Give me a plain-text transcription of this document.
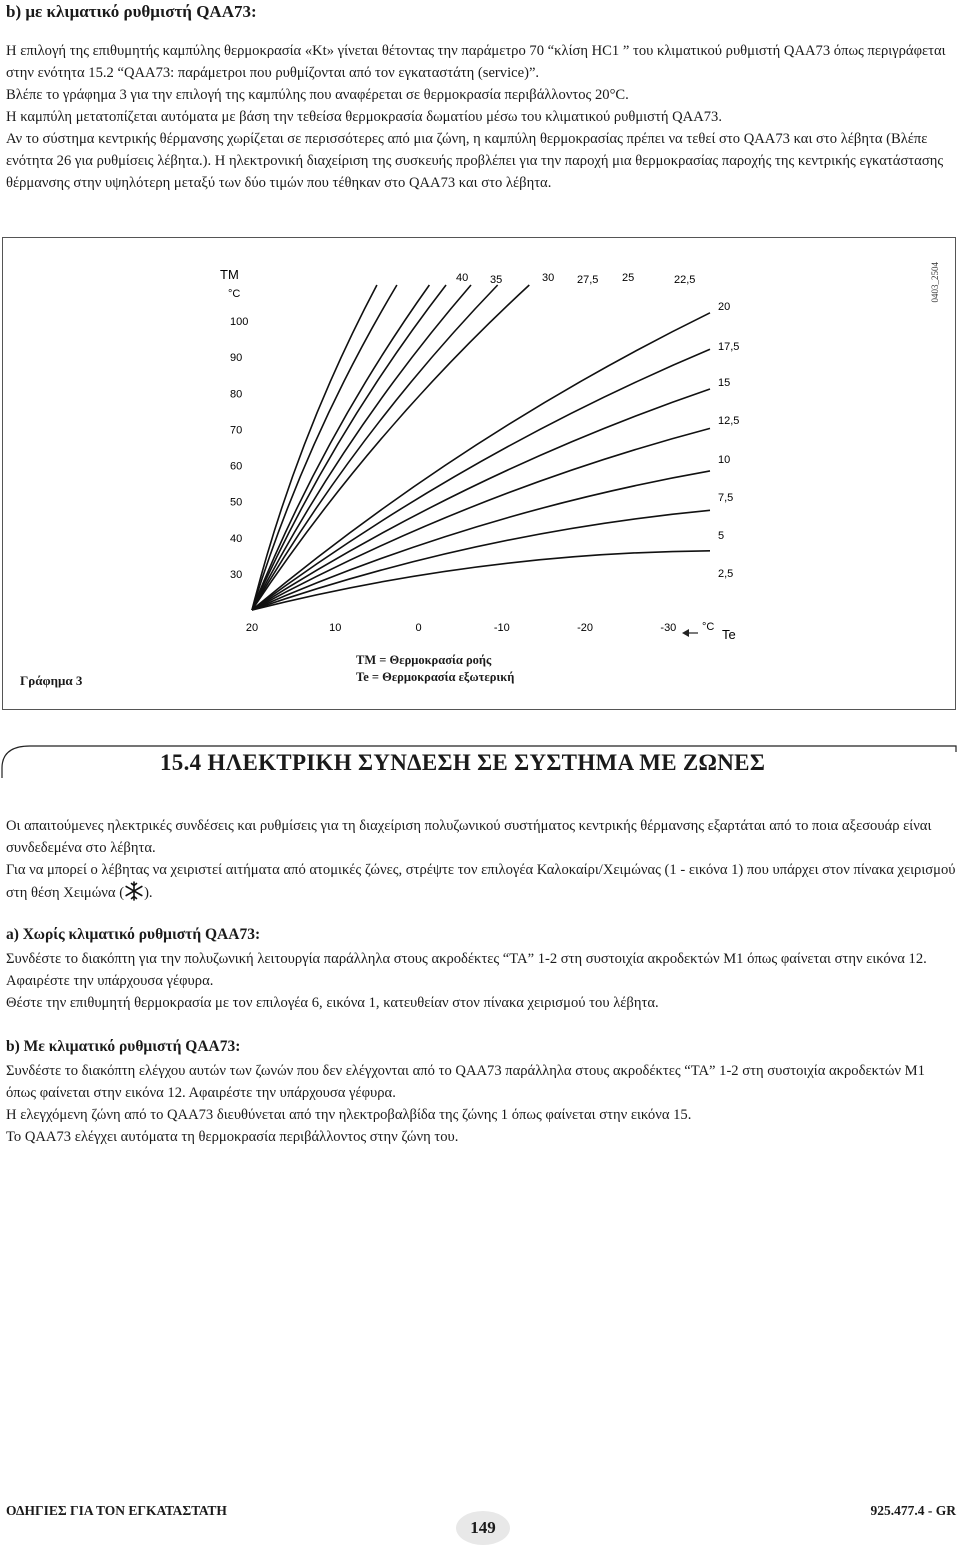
b) με κλιματικό ρυθμιστή QAA73:

Η επιλογή της επιθυμητής καμπύλης θερμοκρασία «Kt» γίνεται θέτοντας την παράμετρο 70 “κλίση HC1 ” του κλιματικού ρυθμιστή QAA73 όπως περιγράφεται στην ενότητα 15.2 “QAA73: παράμετροι που ρυθμίζονται από τον εγκαταστάτη (service)”.

Βλέπε το γράφημα 3 για την επιλογή της καμπύλης που αναφέρεται σε θερμοκρασία περιβάλλοντος 20°C.

Η καμπύλη μετατοπίζεται αυτόματα με βάση την τεθείσα θερμοκρασία δωματίου μέσω του κλιματικού ρυθμιστή QAA73.

Αν το σύστημα κεντρικής θέρμανσης χωρίζεται σε περισσότερες από μια ζώνη, η καμπύλη θερμοκρασίας πρέπει να τεθεί στο QAA73 και στο λέβητα (Βλέπε ενότητα 26 για ρυθμίσεις λέβητα.). Η ηλεκτρονική διαχείριση της συσκευής προβλέπει για την παροχή μια θερμοκρασίας παροχής της κεντρικής εγκατάστασης θέρμανσης στην υψηλότερη μεταξύ των δύο τιμών που τέθηκαν στο QAA73 και στο λέβητα.

0403_2504
TM
°C
°C Te
100
90
80
70
60
50
40
30
20	10	0	-10	-20	-30
40 35	30 27,5 25	22,5
20
17,5
15
12,5
10
7,5
5
2,5
Γράφημα 3
TM = Θερμοκρασία ροής
Te = Θερμοκρασία εξωτερική
15.4 ΗΛΕΚΤΡΙΚΗ ΣΥΝΔΕΣΗ ΣΕ ΣΥΣΤΗΜΑ ΜΕ ΖΩΝΕΣ

Οι απαιτούμενες ηλεκτρικές συνδέσεις και ρυθμίσεις για τη διαχείριση πολυζωνικού συστήματος κεντρικής θέρμανσης εξαρτάται από το ποια αξεσουάρ είναι συνδεδεμένα στο λέβητα.

Για να μπορεί ο λέβητας να χειριστεί αιτήματα από ατομικές ζώνες, στρέψτε τον επιλογέα Καλοκαίρι/Χειμώνας (1 - εικόνα 1) που υπάρχει στον πίνακα χειρισμού στη θέση Χειμώνα ( ).

a) Χωρίς κλιματικό ρυθμιστή QAA73:

Συνδέστε το διακόπτη για την πολυζωνική λειτουργία παράλληλα στους ακροδέκτες “TA” 1-2 στη συστοιχία ακροδεκτών M1 όπως φαίνεται στην εικόνα 12. Αφαιρέστε την υπάρχουσα γέφυρα.

Θέστε την επιθυμητή θερμοκρασία με τον επιλογέα 6, εικόνα 1, κατευθείαν στον πίνακα χειρισμού του λέβητα.

b) Με κλιματικό ρυθμιστή QAA73:

Συνδέστε το διακόπτη ελέγχου αυτών των ζωνών που δεν ελέγχονται από το QAA73 παράλληλα στους ακροδέκτες “TA” 1-2 στη συστοιχία ακροδεκτών M1 όπως φαίνεται στην εικόνα 12. Αφαιρέστε την υπάρχουσα γέφυρα.

Η ελεγχόμενη ζώνη από το QAA73 διευθύνεται από την ηλεκτροβαλβίδα της ζώνης 1 όπως φαίνεται στην εικόνα 15.

Το QAA73 ελέγχει αυτόματα τη θερμοκρασία περιβάλλοντος στην ζώνη του.

ΟΔΗΓΙΕΣ ΓΙΑ ΤΟΝ ΕΓΚΑΤΑΣΤΑΤΗ
149
925.477.4 - GR
